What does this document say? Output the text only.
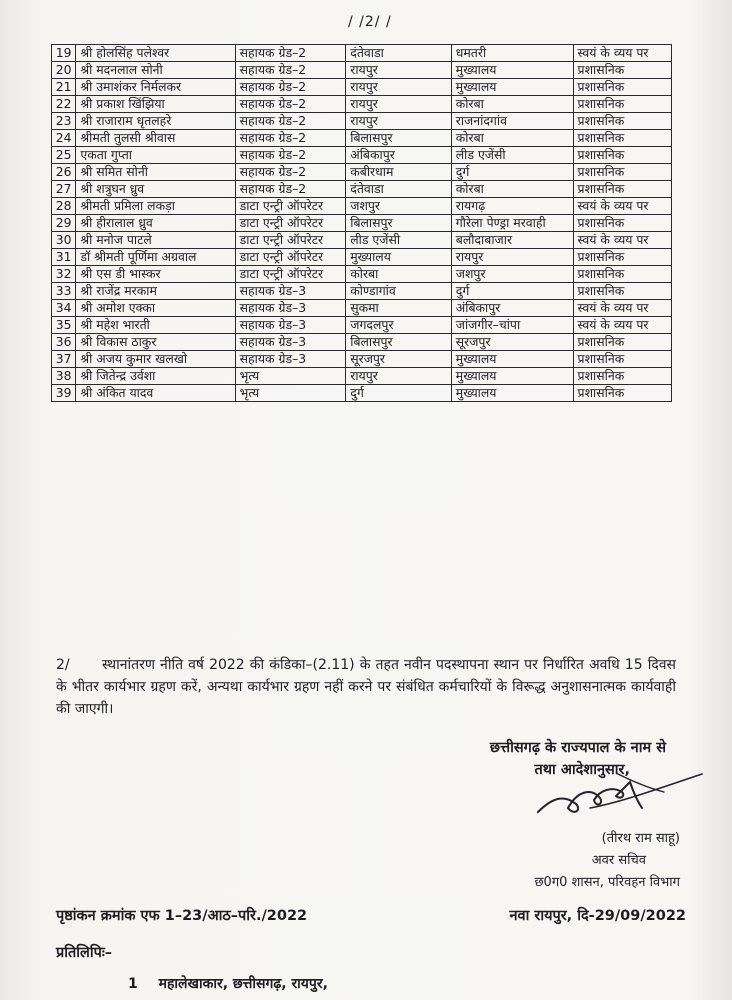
/ /2/ /
19	श्री होलसिंह पलेश्वर	सहायक ग्रेड–2	दंतेवाडा	धमतरी	स्वयं के व्यय पर
20	श्री मदनलाल सोनी	सहायक ग्रेड–2	रायपुर	मुख्यालय	प्रशासनिक
21	श्री उमाशंकर निर्मलकर	सहायक ग्रेड–2	रायपुर	मुख्यालय	प्रशासनिक
22	श्री प्रकाश खिंझिया	सहायक ग्रेड–2	रायपुर	कोरबा	प्रशासनिक
23	श्री राजाराम धृतलहरे	सहायक ग्रेड–2	रायपुर	राजनांदगांव	प्रशासनिक
24	श्रीमती तुलसी श्रीवास	सहायक ग्रेड–2	बिलासपुर	कोरबा	प्रशासनिक
25	एकता गुप्ता	सहायक ग्रेड–2	अंबिकापुर	लीड एजेंसी	प्रशासनिक
26	श्री समित सोनी	सहायक ग्रेड–2	कबीरधाम	दुर्ग	प्रशासनिक
27	श्री शत्रुघन ध्रुव	सहायक ग्रेड–2	दंतेवाडा	कोरबा	प्रशासनिक
28	श्रीमती प्रमिला लकड़ा	डाटा एन्ट्री ऑपरेटर	जशपुर	रायगढ़	स्वयं के व्यय पर
29	श्री हीरालाल ध्रुव	डाटा एन्ट्री ऑपरेटर	बिलासपुर	गौरेला पेण्ड्रा मरवाही	प्रशासनिक
30	श्री मनोज पाटले	डाटा एन्ट्री ऑपरेटर	लीड एजेंसी	बलौदाबाजार	स्वयं के व्यय पर
31	डॉ श्रीमती पूर्णिमा अग्रवाल	डाटा एन्ट्री ऑपरेटर	मुख्यालय	रायपुर	प्रशासनिक
32	श्री एस डी भास्कर	डाटा एन्ट्री ऑपरेटर	कोरबा	जशपुर	प्रशासनिक
33	श्री राजेंद्र मरकाम	सहायक ग्रेड–3	कोण्डागांव	दुर्ग	प्रशासनिक
34	श्री अमोश एक्का	सहायक ग्रेड–3	सुकमा	अंबिकापुर	स्वयं के व्यय पर
35	श्री महेश भारती	सहायक ग्रेड–3	जगदलपुर	जांजगीर–चांपा	स्वयं के व्यय पर
36	श्री विकास ठाकुर	सहायक ग्रेड–3	बिलासपुर	सूरजपुर	प्रशासनिक
37	श्री अजय कुमार खलखो	सहायक ग्रेड–3	सूरजपुर	मुख्यालय	प्रशासनिक
38	श्री जितेन्द्र उर्वशा	भृत्य	रायपुर	मुख्यालय	प्रशासनिक
39	श्री अंकित यादव	भृत्य	दुर्ग	मुख्यालय	प्रशासनिक
2/ स्थानांतरण नीति वर्ष 2022 की कंडिका–(2.11) के तहत नवीन पदस्थापना स्थान पर निर्धारित अवधि 15 दिवस के भीतर कार्यभार ग्रहण करें, अन्यथा कार्यभार ग्रहण नहीं करने पर संबंधित कर्मचारियों के विरूद्ध अनुशासनात्मक कार्यवाही की जाएगी।
छत्तीसगढ़ के राज्यपाल के नाम से
तथा आदेशानुसार,
(तीरथ राम साहू)
अवर सचिव
छ0ग0 शासन, परिवहन विभाग
पृष्ठांकन क्रमांक एफ 1–23/आठ–परि./2022	नवा रायपुर, दि-29/09/2022
प्रतिलिपिः–
1 महालेखाकार, छत्तीसगढ़, रायपुर,
